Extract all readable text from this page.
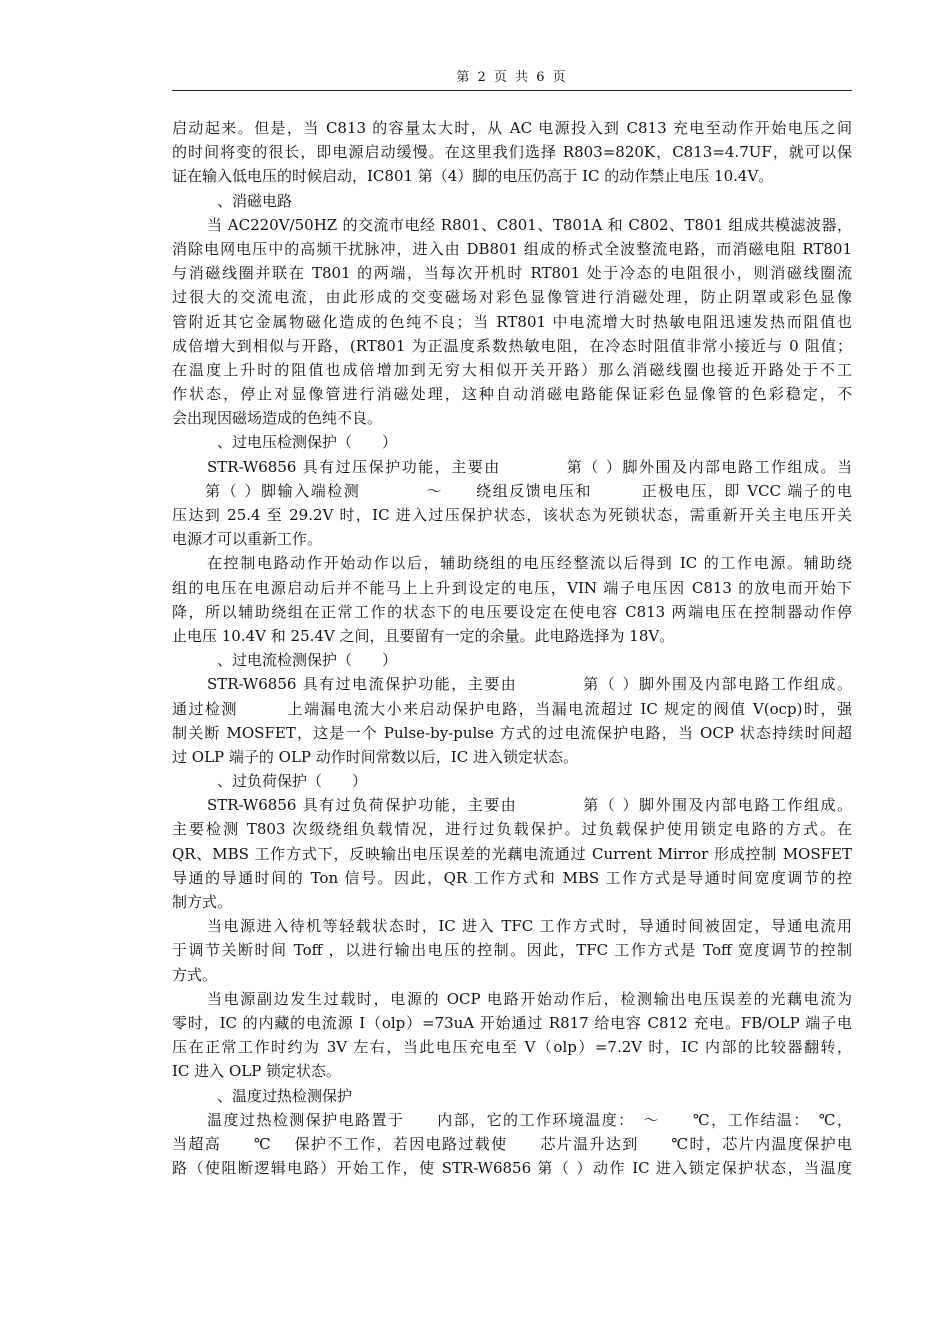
第 2 页 共 6 页
启动起来。但是，当 C813 的容量太大时，从 AC 电源投入到 C813 充电至动作开始电压之间
的时间将变的很长，即电源启动缓慢。在这里我们选择 R803=820K，C813=4.7UF，就可以保
证在输入低电压的时候启动，IC801 第（4）脚的电压仍高于 IC 的动作禁止电压 10.4V。
、消磁电路
当 AC220V/50HZ 的交流市电经 R801、C801、T801A 和 C802、T801 组成共模滤波器，
消除电网电压中的高频干扰脉冲，进入由 DB801 组成的桥式全波整流电路，而消磁电阻 RT801
与消磁线圈并联在 T801 的两端，当每次开机时 RT801 处于冷态的电阻很小，则消磁线圈流
过很大的交流电流，由此形成的交变磁场对彩色显像管进行消磁处理，防止阴罩或彩色显像
管附近其它金属物磁化造成的色纯不良；当 RT801 中电流增大时热敏电阻迅速发热而阻值也
成倍增大到相似与开路，(RT801 为正温度系数热敏电阻，在冷态时阻值非常小接近与 0 阻值；
在温度上升时的阻值也成倍增加到无穷大相似开关开路）那么消磁线圈也接近开路处于不工
作状态，停止对显像管进行消磁处理，这种自动消磁电路能保证彩色显像管的色彩稳定，不
会出现因磁场造成的色纯不良。
、过电压检测保护（　　）
STR-W6856 具有过压保护功能，主要由　　　　第（ ）脚外围及内部电路工作组成。当
　　第（ ）脚输入端检测　　　　～　　绕组反馈电压和　　　正极电压，即 VCC 端子的电
压达到 25.4 至 29.2V 时，IC 进入过压保护状态，该状态为死锁状态，需重新开关主电压开关
电源才可以重新工作。
在控制电路动作开始动作以后，辅助绕组的电压经整流以后得到 IC 的工作电源。辅助绕
组的电压在电源启动后并不能马上上升到设定的电压，VIN 端子电压因 C813 的放电而开始下
降，所以辅助绕组在正常工作的状态下的电压要设定在使电容 C813 两端电压在控制器动作停
止电压 10.4V 和 25.4V 之间，且要留有一定的余量。此电路选择为 18V。
、过电流检测保护（　　）
STR-W6856 具有过电流保护功能，主要由　　　　第（ ）脚外围及内部电路工作组成。
通过检测　　　上端漏电流大小来启动保护电路，当漏电流超过 IC 规定的阀值 V(ocp)时，强
制关断 MOSFET，这是一个 Pulse-by-pulse 方式的过电流保护电路，当 OCP 状态持续时间超
过 OLP 端子的 OLP 动作时间常数以后，IC 进入锁定状态。
、过负荷保护（　　）
STR-W6856 具有过负荷保护功能，主要由　　　　第（ ）脚外围及内部电路工作组成。
主要检测 T803 次级绕组负载情况，进行过负载保护。过负载保护使用锁定电路的方式。在
QR、MBS 工作方式下，反映输出电压误差的光藕电流通过 Current Mirror 形成控制 MOSFET
导通的导通时间的 Ton 信号。因此，QR 工作方式和 MBS 工作方式是导通时间宽度调节的控
制方式。
当电源进入待机等轻载状态时，IC 进入 TFC 工作方式时，导通时间被固定，导通电流用
于调节关断时间 Toff ，以进行输出电压的控制。因此，TFC 工作方式是 Toff 宽度调节的控制
方式。
当电源副边发生过载时，电源的 OCP 电路开始动作后，检测输出电压误差的光藕电流为
零时，IC 的内藏的电流源 I（olp）=73uA 开始通过 R817 给电容 C812 充电。FB/OLP 端子电
压在正常工作时约为 3V 左右，当此电压充电至 V（olp）=7.2V 时，IC 内部的比较器翻转，
IC 进入 OLP 锁定状态。
、温度过热检测保护
温度过热检测保护电路置于　　内部，它的工作环境温度：　～　　℃，工作结温：　℃，
当超高　　℃　 保护不工作，若因电路过载使　　芯片温升达到　　℃时，芯片内温度保护电
路（使阻断逻辑电路）开始工作，使 STR-W6856 第（ ）动作 IC 进入锁定保护状态，当温度
